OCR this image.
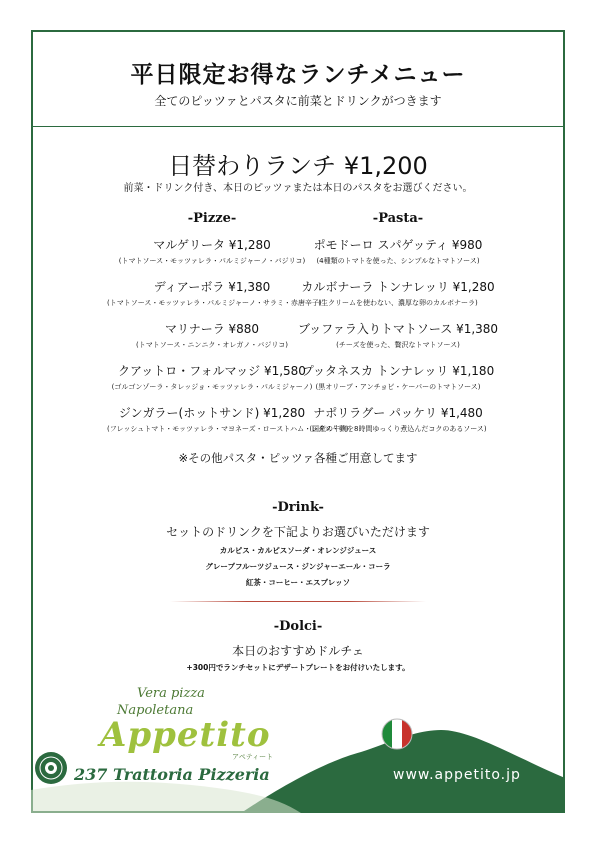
平日限定お得なランチメニュー
全てのピッツァとパスタに前菜とドリンクがつきます
日替わりランチ ¥1,200
前菜・ドリンク付き、本日のピッツァまたは本日のパスタをお選びください。
-Pizze-
マルゲリータ ¥1,280
(トマトソース・モッツァレラ・パルミジャーノ・バジリコ)
ディアーボラ ¥1,380
(トマトソース・モッツァレラ・パルミジャーノ・サラミ・赤唐辛子)
マリナーラ ¥880
(トマトソース・ニンニク・オレガノ・バジリコ)
クアットロ・フォルマッジ ¥1,580
(ゴルゴンゾーラ・タレッジョ・モッツァレラ・パルミジャーノ)
ジンガラー(ホットサンド) ¥1,280
(フレッシュトマト・モッツァレラ・マヨネーズ・ローストハム・レタス・卵)
-Pasta-
ポモドーロ スパゲッティ ¥980
(4種類のトマトを使った、シンプルなトマトソース)
カルボナーラ トンナレッリ ¥1,280
(生クリームを使わない、濃厚な卵のカルボナーラ)
ブッファラ入りトマトソース ¥1,380
(チーズを使った、贅沢なトマトソース)
プッタネスカ トンナレッリ ¥1,180
(黒オリーブ・アンチョビ・ケーパーのトマトソース)
ナポリラグー パッケリ ¥1,480
(国産の牛肉を8時間ゆっくり煮込んだコクのあるソース)
※その他パスタ・ピッツァ各種ご用意してます
-Drink-
セットのドリンクを下記よりお選びいただけます
カルピス・カルピスソーダ・オレンジジュース
グレープフルーツジュース・ジンジャーエール・コーラ
紅茶・コーヒー・エスプレッソ
-Dolci-
本日のおすすめドルチェ
+300円でランチセットにデザートプレートをお付けいたします。
Vera pizza
Napoletana
Appetito
アペティート
237 Trattoria Pizzeria	www.appetito.jp
